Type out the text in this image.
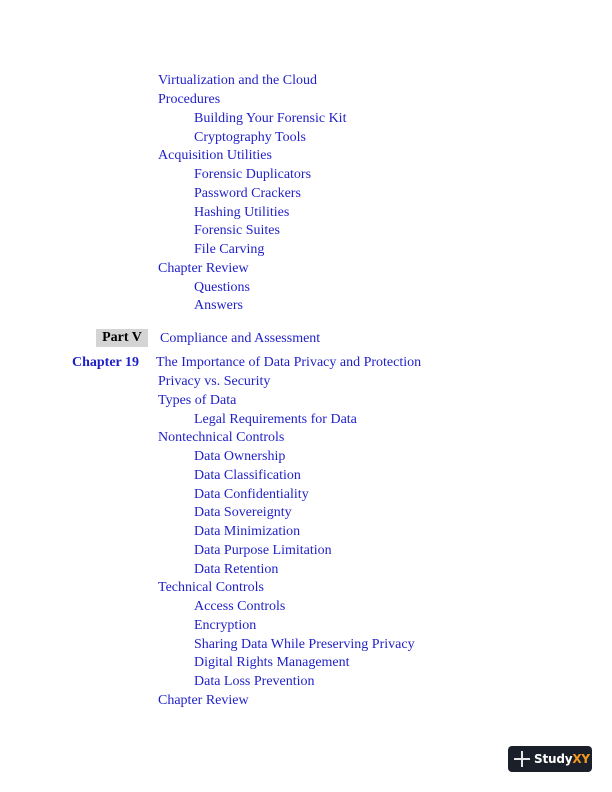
Virtualization and the Cloud
Procedures
Building Your Forensic Kit
Cryptography Tools
Acquisition Utilities
Forensic Duplicators
Password Crackers
Hashing Utilities
Forensic Suites
File Carving
Chapter Review
Questions
Answers
Part V	Compliance and Assessment
Chapter 19 The Importance of Data Privacy and Protection
Privacy vs. Security
Types of Data
Legal Requirements for Data
Nontechnical Controls
Data Ownership
Data Classification
Data Confidentiality
Data Sovereignty
Data Minimization
Data Purpose Limitation
Data Retention
Technical Controls
Access Controls
Encryption
Sharing Data While Preserving Privacy
Digital Rights Management
Data Loss Prevention
Chapter Review
StudyXY
